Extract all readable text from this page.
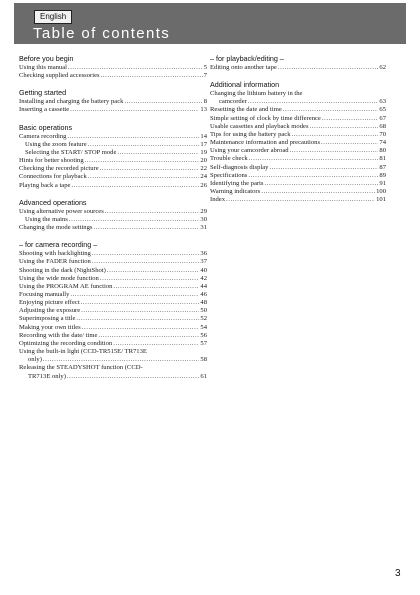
English
Table of contents
Before you begin
Using this manual .....	5
Checking supplied accessories .....	7
Getting started
Installing and charging the battery pack .....	8
Inserting a cassette .....	13
Basic operations
Camera recording .....	14
Using the zoom feature .....	17
Selecting the START/ STOP mode .....	19
Hints for better shooting .....	20
Checking the recorded picture .....	22
Connections for playback .....	24
Playing back a tape .....	26
Advanced operations
Using alternative power sources .....	29
Using the mains .....	30
Changing the mode settings .....	31
– for camera recording –
Shooting with backlighting .....	36
Using the FADER function .....	37
Shooting in the dark (NightShot) .....	40
Using the wide mode function .....	42
Using the PROGRAM AE function .....	44
Focusing manually .....	46
Enjoying picture effect .....	48
Adjusting the exposure .....	50
Superimposing a title .....	52
Making your own titles .....	54
Recording with the date/ time .....	56
Optimizing the recording condition .....	57
Using the built-in light (CCD-TR515E/ TR713E
only) .....	58
Releasing the STEADYSHOT function (CCD-
TR713E only) .....	61
– for playback/editing –
Editing onto another tape .....	62
Additional information
Changing the lithium battery in the
camcorder .....	63
Resetting the date and time .....	65
Simple setting of clock by time difference .....	67
Usable cassettes and playback modes .....	68
Tips for using the battery pack .....	70
Maintenance information and precautions .....	74
Using your camcorder abroad .....	80
Trouble check .....	81
Self-diagnosis display .....	87
Specifications .....	89
Identifying the parts .....	91
Warning indicators .....	100
Index .....	101
3
